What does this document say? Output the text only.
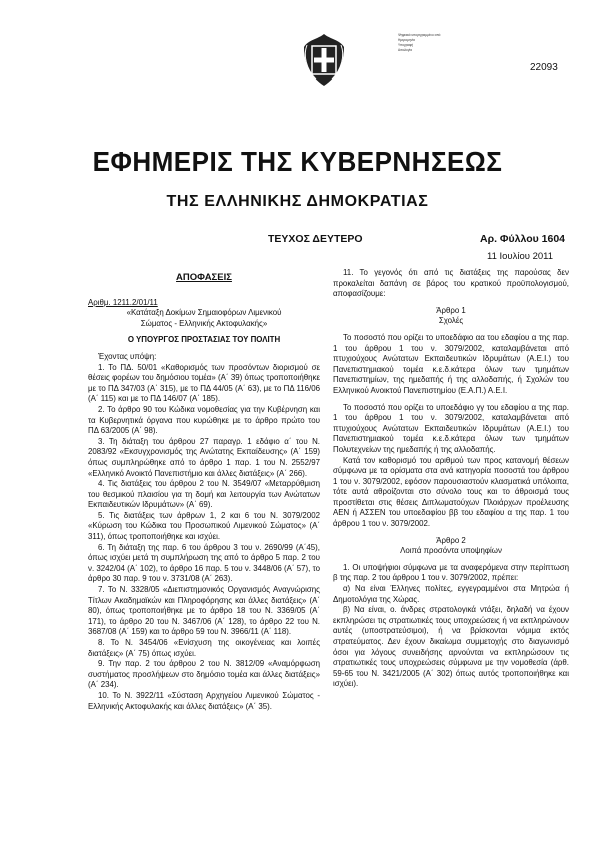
Ψηφιακά υπογεγραμμένο από
Ημερομηνία
Υπογραφή
Αιτιολογία
22093
ΕΦΗΜΕΡΙΣ ΤΗΣ ΚΥΒΕΡΝΗΣΕΩΣ
ΤΗΣ ΕΛΛΗΝΙΚΗΣ ΔΗΜΟΚΡΑΤΙΑΣ
ΤΕΥΧΟΣ ΔΕΥΤΕΡΟ	Αρ. Φύλλου 1604
11 Ιουλίου 2011
ΑΠΟΦΑΣΕΙΣ

Αριθμ. 1211.2/01/11

«Κατάταξη Δοκίμων Σημαιοφόρων Λιμενικού Σώματος - Ελληνικής Ακτοφυλακής»

Ο ΥΠΟΥΡΓΟΣ ΠΡΟΣΤΑΣΙΑΣ ΤΟΥ ΠΟΛΙΤΗ

Έχοντας υπόψη:

1. Το ΠΔ. 50/01 «Καθορισμός των προσόντων διορισμού σε θέσεις φορέων του δημόσιου τομέα» (Α΄ 39) όπως τροποποιήθηκε με το ΠΔ 347/03 (Α΄ 315), με το ΠΔ 44/05 (Α΄ 63), με το ΠΔ 116/06 (Α΄ 115) και με το ΠΔ 146/07 (Α΄ 185).

2. Το άρθρο 90 του Κώδικα νομοθεσίας για την Κυβέρνηση και τα Κυβερνητικά όργανα που κυρώθηκε με το άρθρο πρώτο του ΠΔ 63/2005 (Α΄ 98).

3. Τη διάταξη του άρθρου 27 παραγρ. 1 εδάφιο α΄ του Ν. 2083/92 «Εκσυγχρονισμός της Ανώτατης Εκπαίδευσης» (Α΄ 159) όπως συμπληρώθηκε από το άρθρο 1 παρ. 1 του Ν. 2552/97 «Ελληνικό Ανοικτό Πανεπιστήμιο και άλλες διατάξεις» (Α΄ 266).

4. Τις διατάξεις του άρθρου 2 του Ν. 3549/07 «Μεταρρύθμιση του θεσμικού πλαισίου για τη δομή και λειτουργία των Ανώτατων Εκπαιδευτικών Ιδρυμάτων» (Α΄ 69).

5. Τις διατάξεις των άρθρων 1, 2 και 6 του Ν. 3079/2002 «Κύρωση του Κώδικα του Προσωπικού Λιμενικού Σώματος» (Α΄ 311), όπως τροποποιήθηκε και ισχύει.

6. Τη διάταξη της παρ. 6 του άρθρου 3 του ν. 2690/99 (Α΄45), όπως ισχύει μετά τη συμπλήρωση της από το άρθρο 5 παρ. 2 του ν. 3242/04 (Α΄ 102), το άρθρο 16 παρ. 5 του ν. 3448/06 (Α΄ 57), το άρθρο 30 παρ. 9 του ν. 3731/08 (Α΄ 263).

7. Το Ν. 3328/05 «Διεπιστημονικός Οργανισμός Αναγνώρισης Τίτλων Ακαδημαϊκών και Πληροφόρησης και άλλες διατάξεις» (Α΄ 80), όπως τροποποιήθηκε με το άρθρο 18 του Ν. 3369/05 (Α΄ 171), το άρθρο 20 του Ν. 3467/06 (Α΄ 128), το άρθρο 22 του Ν. 3687/08 (Α΄ 159) και το άρθρο 59 του Ν. 3966/11 (Α΄ 118).

8. Το Ν. 3454/06 «Ενίσχυση της οικογένειας και λοιπές διατάξεις» (Α΄ 75) όπως ισχύει.

9. Την παρ. 2 του άρθρου 2 του Ν. 3812/09 «Αναμόρφωση συστήματος προσλήψεων στο δημόσιο τομέα και άλλες διατάξεις» (Α΄ 234).

10. Το Ν. 3922/11 «Σύσταση Αρχηγείου Λιμενικού Σώματος - Ελληνικής Ακτοφυλακής και άλλες διατάξεις» (Α΄ 35).

11. Το γεγονός ότι από τις διατάξεις της παρούσας δεν προκαλείται δαπάνη σε βάρος του κρατικού προϋπολογισμού, αποφασίζουμε:

Άρθρο 1

Σχολές

Το ποσοστό που ορίζει το υποεδάφιο αα του εδαφίου α της παρ. 1 του άρθρου 1 του ν. 3079/2002, καταλαμβάνεται από πτυχιούχους Ανώτατων Εκπαιδευτικών Ιδρυμάτων (Α.Ε.Ι.) του Πανεπιστημιακού τομέα κ.ε.δ.κάτερα όλων των τμημάτων Πανεπιστημίων, της ημεδαπής ή της αλλοδαπής, ή Σχολών του Ελληνικού Ανοικτού Πανεπιστημίου (Ε.Α.Π.) Α.Ε.Ι.

Το ποσοστό που ορίζει το υποεδάφιο γγ του εδαφίου α της παρ. 1 του άρθρου 1 του ν. 3079/2002, καταλαμβάνεται από πτυχιούχους Ανώτατων Εκπαιδευτικών Ιδρυμάτων (Α.Ε.Ι.) του Πανεπιστημιακού τομέα κ.ε.δ.κάτερα όλων των τμημάτων Πολυτεχνείων της ημεδαπής ή της αλλοδαπής.

Κατά τον καθορισμό του αριθμού των προς κατανομή θέσεων σύμφωνα με τα ορίσματα στα ανά κατηγορία ποσοστά του άρθρου 1 του ν. 3079/2002, εφόσον παρουσιαστούν κλασματικά υπόλοιπα, τότε αυτά αθροίζονται στο σύνολο τους και το άθροισμά τους προστίθεται στις θέσεις Διπλωματούχων Πλοιάρχων προέλευσης ΑΕΝ ή ΑΣΣΕΝ του υποεδαφίου ββ του εδαφίου α της παρ. 1 του άρθρου 1 του ν. 3079/2002.

Άρθρο 2

Λοιπά προσόντα υποψηφίων

1. Οι υποψήφιοι σύμφωνα με τα αναφερόμενα στην περίπτωση β της παρ. 2 του άρθρου 1 του ν. 3079/2002, πρέπει:

α) Να είναι Έλληνες πολίτες, εγγεγραμμένοι στα Μητρώα ή Δημοτολόγια της Χώρας.

β) Να είναι, ο. άνδρες στρατολογικά ντάξει, δηλαδή να έχουν εκπληρώσει τις στρατιωτικές τους υποχρεώσεις ή να εκπληρώνουν αυτές (υποστρατεύσιμοι), ή να βρίσκονται νόμιμα εκτός στρατεύματος. Δεν έχουν δικαίωμα συμμετοχής στο διαγωνισμό όσοι για λόγους συνειδήσης αρνούνται να εκπληρώσουν τις στρατιωτικές τους υποχρεώσεις σύμφωνα με την νομοθεσία (άρθ. 59-65 του Ν. 3421/2005 (Α΄ 302) όπως αυτός τροποποιήθηκε και ισχύει).
